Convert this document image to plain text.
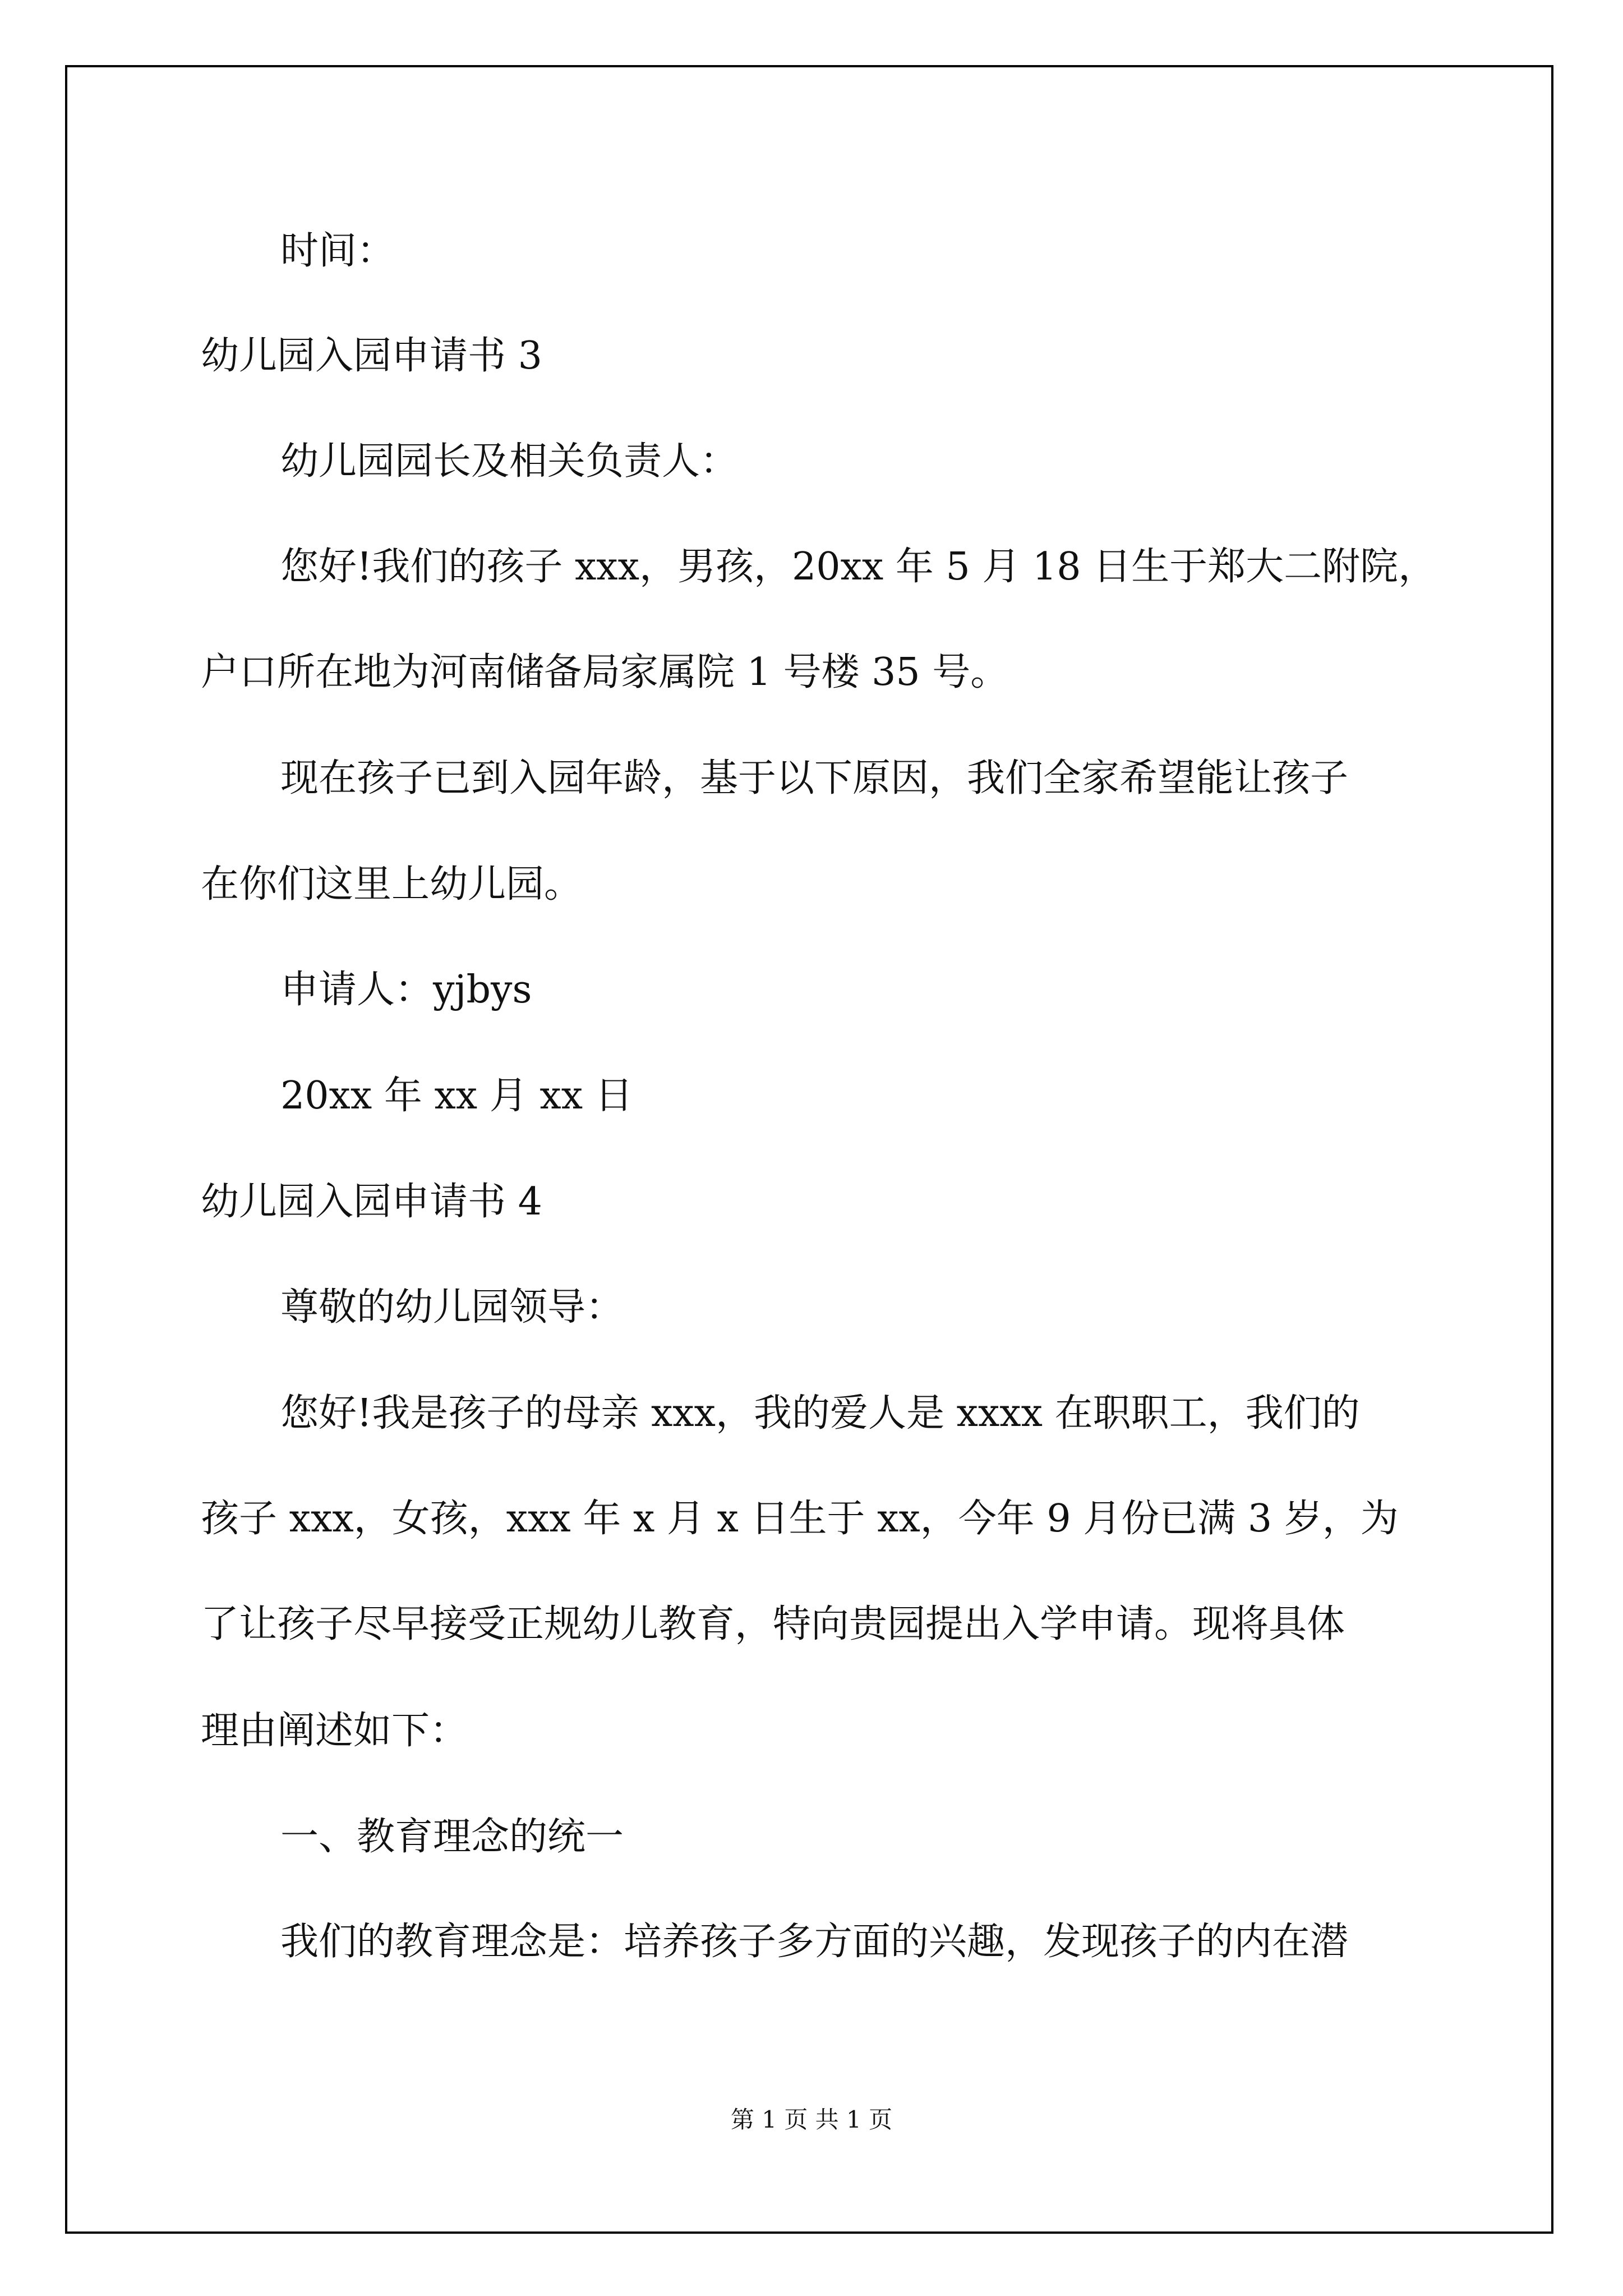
时间：
幼儿园入园申请书 3
幼儿园园长及相关负责人：
您好!我们的孩子 xxx，男孩，20xx 年 5 月 18 日生于郑大二附院，
户口所在地为河南储备局家属院 1 号楼 35 号。
现在孩子已到入园年龄，基于以下原因，我们全家希望能让孩子
在你们这里上幼儿园。
申请人：yjbys
20xx 年 xx 月 xx 日
幼儿园入园申请书 4
尊敬的幼儿园领导：
您好!我是孩子的母亲 xxx，我的爱人是 xxxx 在职职工，我们的
孩子 xxx，女孩，xxx 年 x 月 x 日生于 xx，今年 9 月份已满 3 岁，为
了让孩子尽早接受正规幼儿教育，特向贵园提出入学申请。现将具体
理由阐述如下：
一、教育理念的统一
我们的教育理念是：培养孩子多方面的兴趣，发现孩子的内在潜
第 1 页 共 1 页
